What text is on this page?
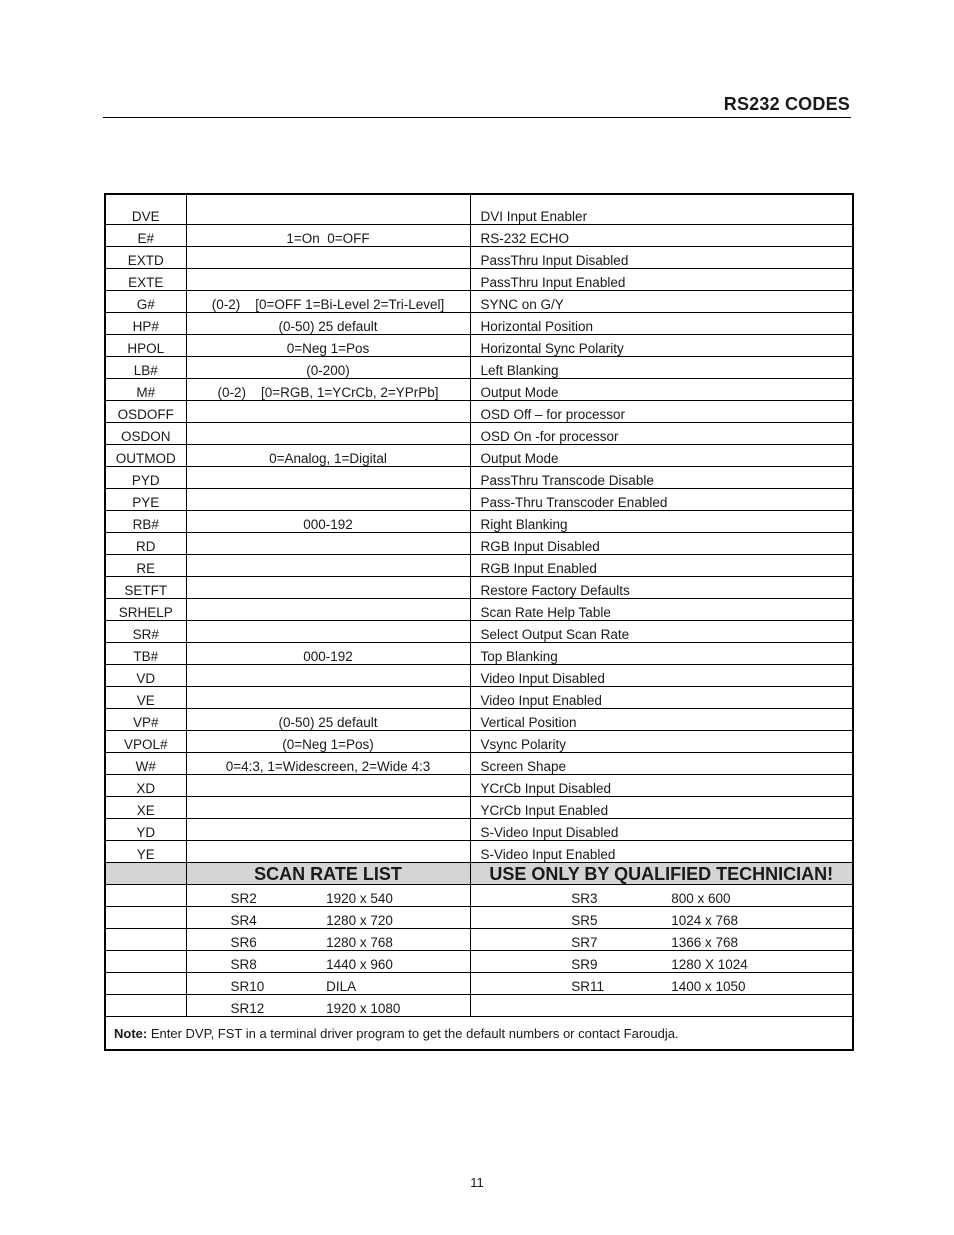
RS232 CODES
DVE		DVI Input Enabler
E#	1=On  0=OFF	RS-232 ECHO
EXTD		PassThru Input Disabled
EXTE		PassThru Input Enabled
G#	(0-2)    [0=OFF 1=Bi-Level 2=Tri-Level]	SYNC on G/Y
HP#	(0-50) 25 default	Horizontal Position
HPOL	0=Neg 1=Pos	Horizontal Sync Polarity
LB#	(0-200)	Left Blanking
M#	(0-2)    [0=RGB, 1=YCrCb, 2=YPrPb]	Output Mode
OSDOFF		OSD Off – for processor
OSDON		OSD On -for processor
OUTMOD	0=Analog, 1=Digital	Output Mode
PYD		PassThru Transcode Disable
PYE		Pass-Thru Transcoder Enabled
RB#	000-192	Right Blanking
RD		RGB Input Disabled
RE		RGB Input Enabled
SETFT		Restore Factory Defaults
SRHELP		Scan Rate Help Table
SR#		Select Output Scan Rate
TB#	000-192	Top Blanking
VD		Video Input Disabled
VE		Video Input Enabled
VP#	(0-50) 25 default	Vertical Position
VPOL#	(0=Neg 1=Pos)	Vsync Polarity
W#	0=4:3, 1=Widescreen, 2=Wide 4:3	Screen Shape
XD		YCrCb Input Disabled
XE		YCrCb Input Enabled
YD		S-Video Input Disabled
YE		S-Video Input Enabled
	SCAN RATE LIST	USE ONLY BY QUALIFIED TECHNICIAN!

	SR2 1920 x 540	SR3 800 x 600

	SR4 1280 x 720	SR5 1024 x 768

	SR6 1280 x 768	SR7 1366 x 768

	SR8 1440 x 960	SR9 1280 X 1024

	SR10 DILA	SR11 1400 x 1050

	SR12 1920 x 1080	

Note: Enter DVP, FST in a terminal driver program to get the default numbers or contact Faroudja.		
11
